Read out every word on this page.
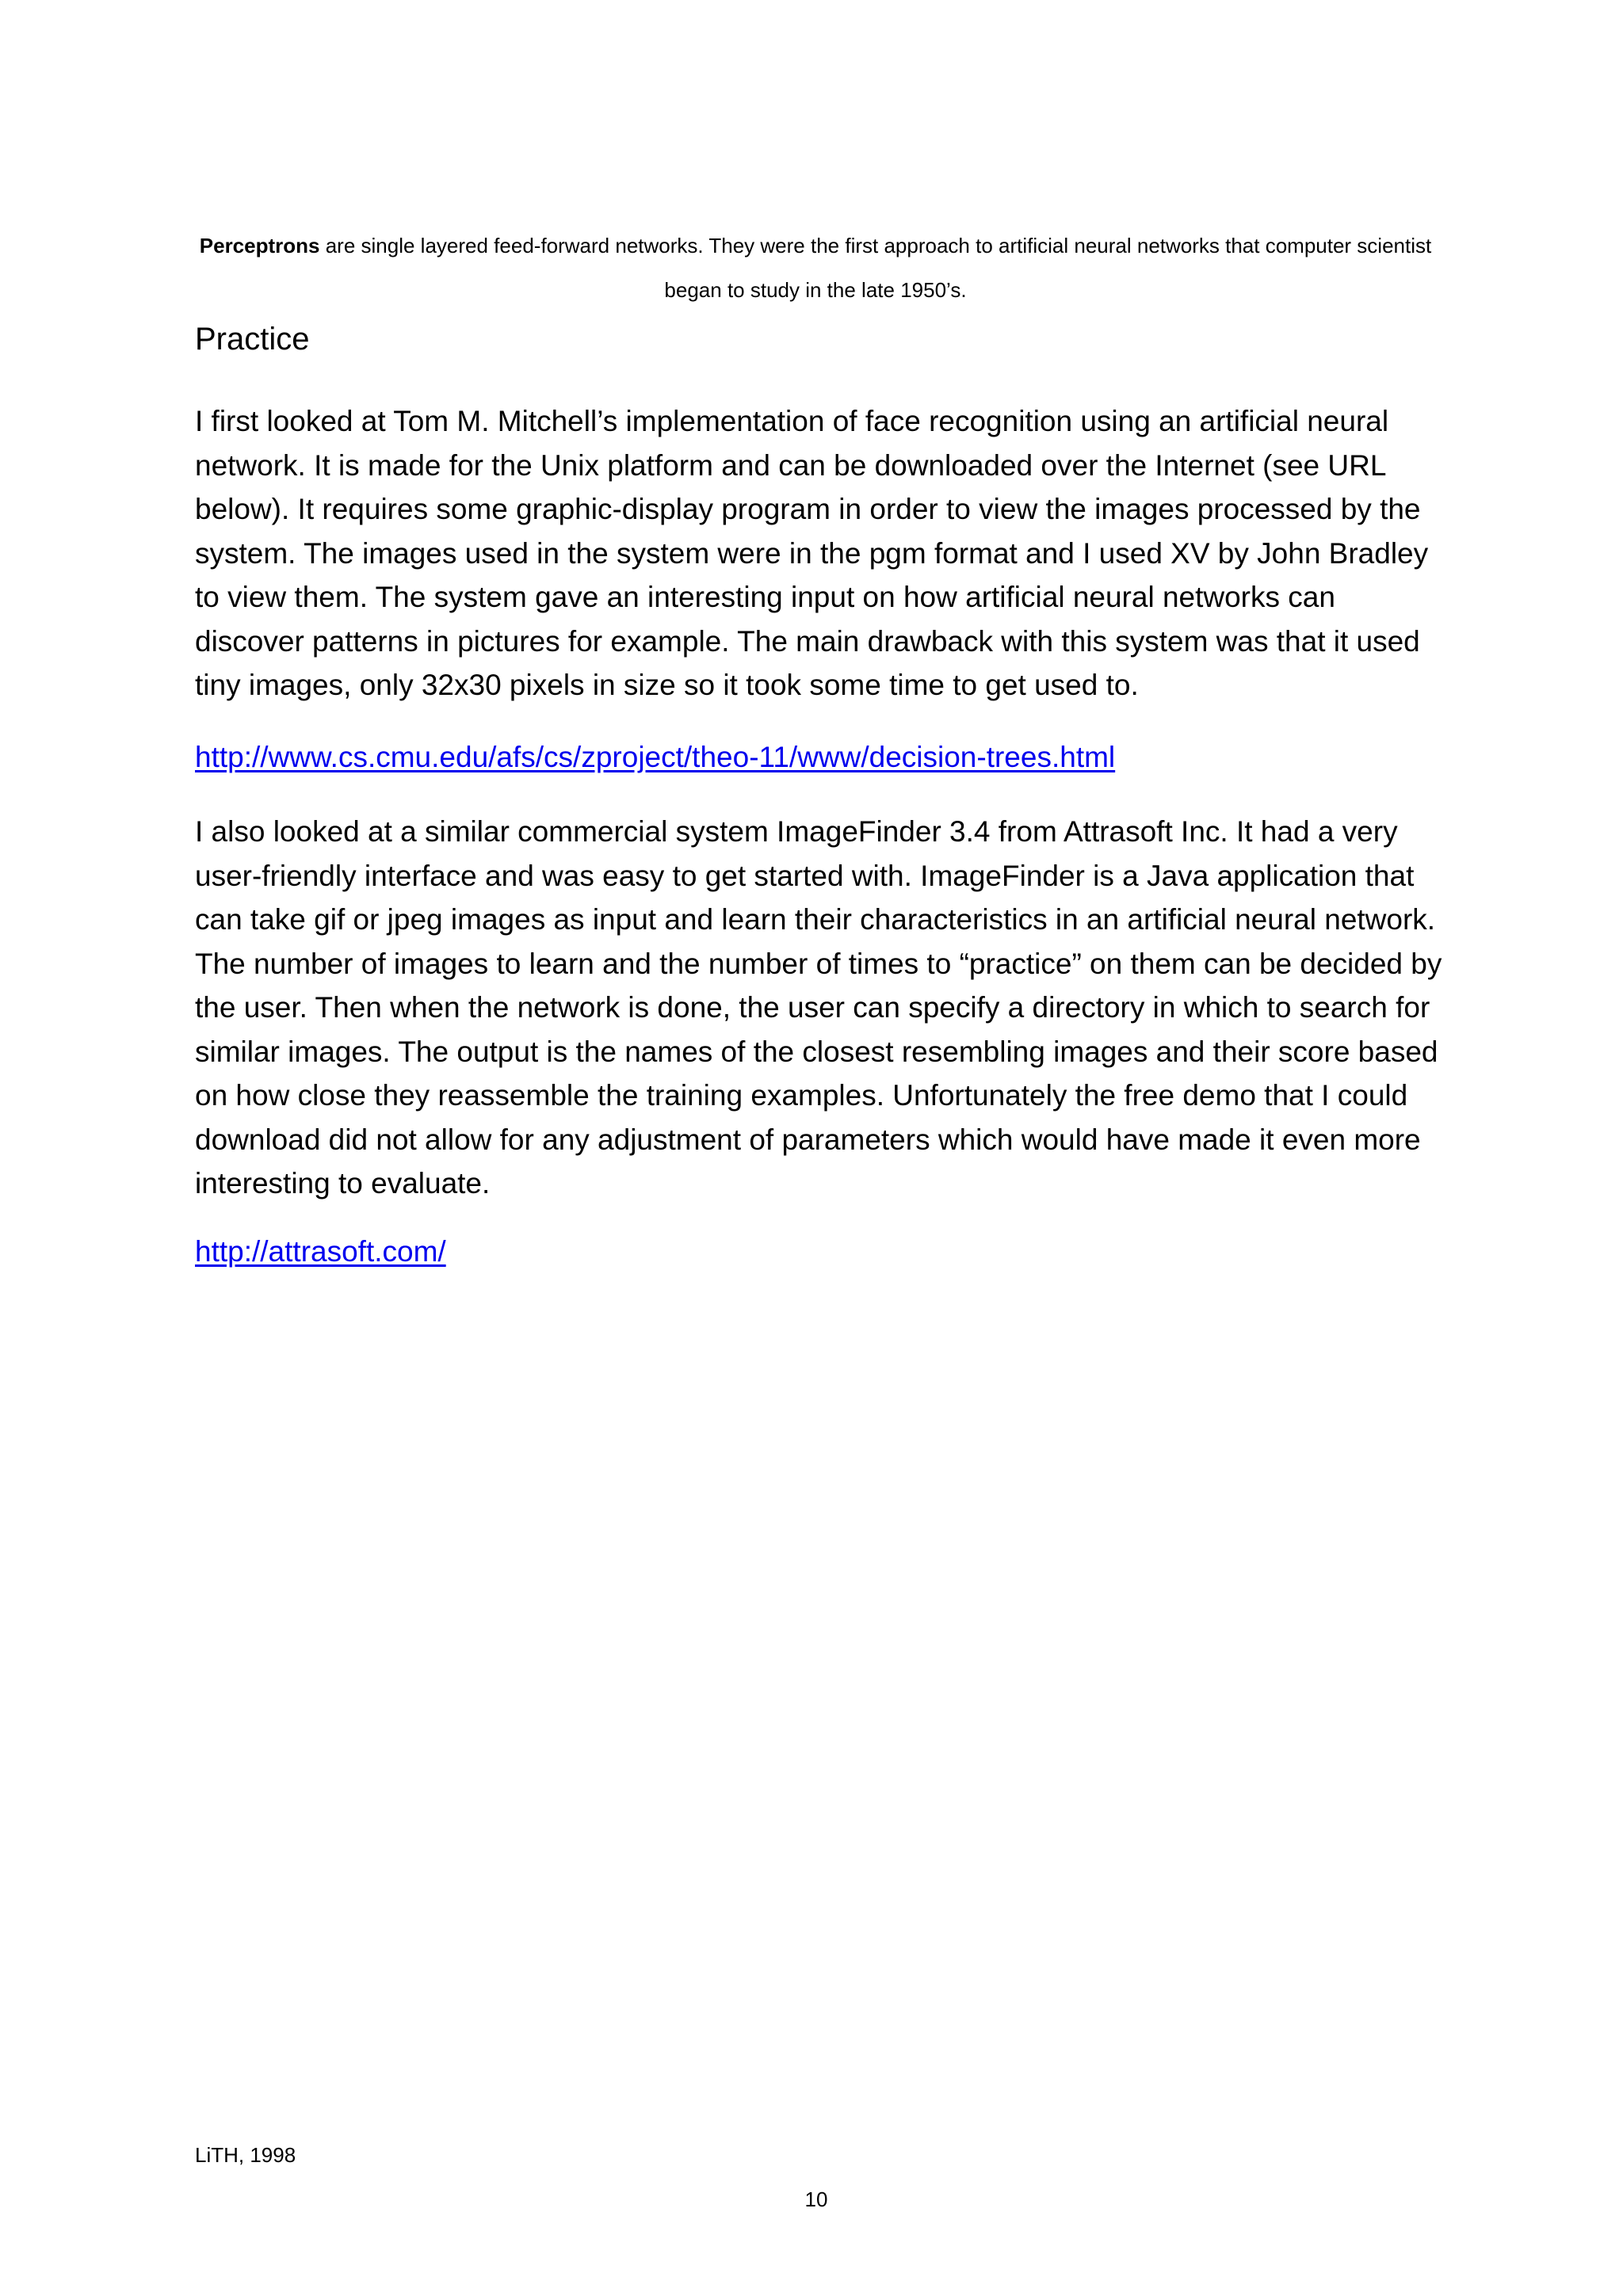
Perceptrons are single layered feed-forward networks. They were the first approach to artificial neural networks that computer scientist began to study in the late 1950’s.

Practice

I first looked at Tom M. Mitchell’s implementation of face recognition using an artificial neural network. It is made for the Unix platform and can be downloaded over the Internet (see URL below). It requires some graphic-display program in order to view the images processed by the system. The images used in the system were in the pgm format and I used XV by John Bradley to view them. The system gave an interesting input on how artificial neural networks can discover patterns in pictures for example. The main drawback with this system was that it used tiny images, only 32x30 pixels in size so it took some time to get used to.

http://www.cs.cmu.edu/afs/cs/zproject/theo-11/www/decision-trees.html

I also looked at a similar commercial system ImageFinder 3.4 from Attrasoft Inc. It had a very user-friendly interface and was easy to get started with. ImageFinder is a Java application that can take gif or jpeg images as input and learn their characteristics in an artificial neural network. The number of images to learn and the number of times to “practice” on them can be decided by the user. Then when the network is done, the user can specify a directory in which to search for similar images. The output is the names of the closest resembling images and their score based on how close they reassemble the training examples. Unfortunately the free demo that I could download did not allow for any adjustment of parameters which would have made it even more interesting to evaluate.

http://attrasoft.com/
LiTH, 1998
10
